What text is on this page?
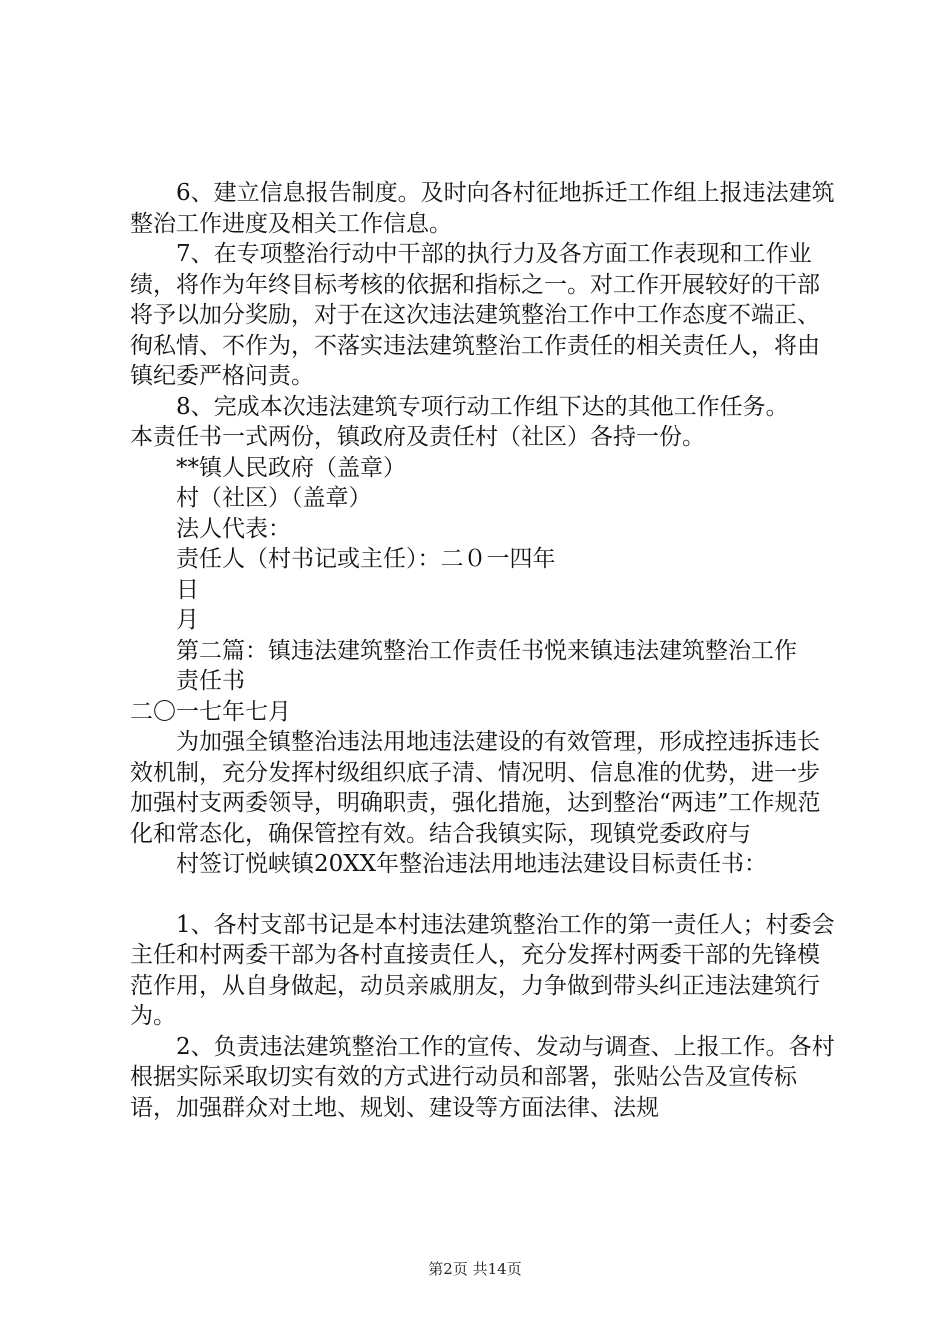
6、建立信息报告制度。及时向各村征地拆迁工作组上报违法建筑整治工作进度及相关工作信息。

7、在专项整治行动中干部的执行力及各方面工作表现和工作业绩，将作为年终目标考核的依据和指标之一。对工作开展较好的干部将予以加分奖励，对于在这次违法建筑整治工作中工作态度不端正、徇私情、不作为，不落实违法建筑整治工作责任的相关责任人，将由镇纪委严格问责。

8、完成本次违法建筑专项行动工作组下达的其他工作任务。

本责任书一式两份，镇政府及责任村（社区）各持一份。

**镇人民政府（盖章）

村（社区）（盖章）

法人代表：

责任人（村书记或主任）：二０一四年

日

月

第二篇：镇违法建筑整治工作责任书悦来镇违法建筑整治工作

责任书

二〇一七年七月

为加强全镇整治违法用地违法建设的有效管理，形成控违拆违长效机制，充分发挥村级组织底子清、情况明、信息准的优势，进一步加强村支两委领导，明确职责，强化措施，达到整治“两违”工作规范化和常态化，确保管控有效。结合我镇实际，现镇党委政府与

村签订悦峡镇20XX年整治违法用地违法建设目标责任书：

1、各村支部书记是本村违法建筑整治工作的第一责任人；村委会主任和村两委干部为各村直接责任人，充分发挥村两委干部的先锋模范作用，从自身做起，动员亲戚朋友，力争做到带头纠正违法建筑行为。

2、负责违法建筑整治工作的宣传、发动与调查、上报工作。各村根据实际采取切实有效的方式进行动员和部署，张贴公告及宣传标语，加强群众对土地、规划、建设等方面法律、法规

第2页 共14页
